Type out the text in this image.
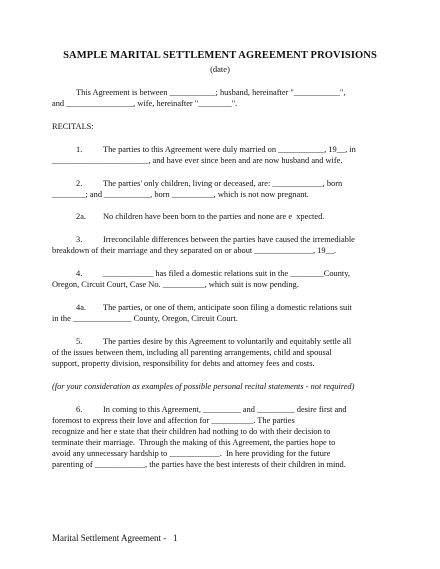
SAMPLE MARITAL SETTLEMENT AGREEMENT PROVISIONS
(date)
This Agreement is between ___________; husband, hereinafter "___________",
and ________________, wife, hereinafter "________".
RECITALS:
1. The parties to this Agreement were duly married on ___________, 19__, in
_______________________, and have ever since been and are now husband and wife.
2. The parties' only children, living or deceased, are: ____________, born
________; and ___________, born __________, which is not now pregnant.
2a. No children have been born to the parties and none are e  xpected.
3. Irreconcilable differences between the parties have caused the irremediable
breakdown of their marriage and they separated on or about ______________, 19__.
4. ____________ has filed a domestic relations suit in the ________County,
Oregon, Circuit Court, Case No. __________, which suit is now pending.
4a. The parties, or one of them, anticipate soon filing a domestic relations suit
in the ______________ County, Oregon, Circuit Court.
5. The parties desire by this Agreement to voluntarily and equitably settle all
of the issues between them, including all parenting arrangements, child and spousal
support, property division, responsibility for debts and attorney fees and costs.
(for your consideration as examples of possible personal recital statements - not required)
6. In coming to this Agreement, _________ and _________ desire first and
foremost to express their love and affection for __________. The parties
recognize and her e state that their children had nothing to do with their decision to
terminate their marriage.  Through the making of this Agreement, the parties hope to
avoid any unnecessary hardship to ____________.  In here providing for the future
parenting of ____________, the parties have the best interests of their children in mind.
Marital Settlement Agreement -   1
